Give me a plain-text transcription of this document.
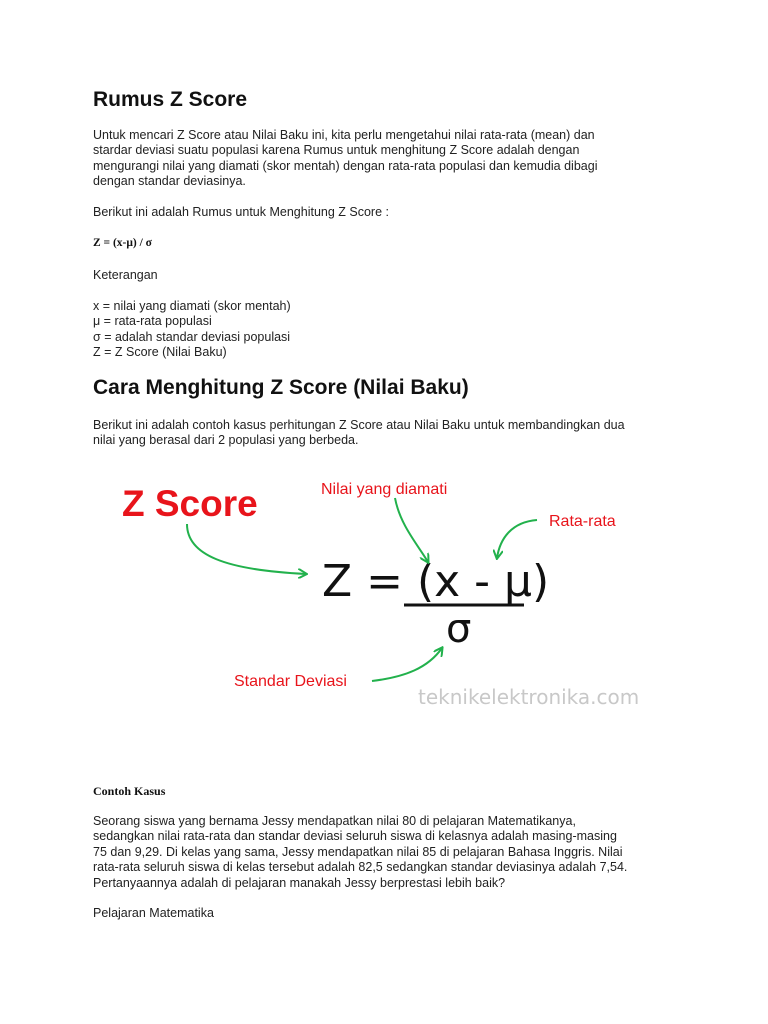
Rumus Z Score
Untuk mencari Z Score atau Nilai Baku ini, kita perlu mengetahui nilai rata-rata (mean) dan
stardar deviasi suatu populasi karena Rumus untuk menghitung Z Score adalah dengan
mengurangi nilai yang diamati (skor mentah) dengan rata-rata populasi dan kemudia dibagi
dengan standar deviasinya.
Berikut ini adalah Rumus untuk Menghitung Z Score :
Z = (x-μ) / σ
Keterangan
x = nilai yang diamati (skor mentah)
μ = rata-rata populasi
σ = adalah standar deviasi populasi
Z = Z Score (Nilai Baku)
Cara Menghitung Z Score (Nilai Baku)
Berikut ini adalah contoh kasus perhitungan Z Score atau Nilai Baku untuk membandingkan dua
nilai yang berasal dari 2 populasi yang berbeda.
Contoh Kasus
Seorang siswa yang bernama Jessy mendapatkan nilai 80 di pelajaran Matematikanya,
sedangkan nilai rata-rata dan standar deviasi seluruh siswa di kelasnya adalah masing-masing
75 dan 9,29. Di kelas yang sama, Jessy mendapatkan nilai 85 di pelajaran Bahasa Inggris. Nilai
rata-rata seluruh siswa di kelas tersebut adalah 82,5 sedangkan standar deviasinya adalah 7,54.
Pertanyaannya adalah di pelajaran manakah Jessy berprestasi lebih baik?
Pelajaran Matematika
Z Score	Nilai yang diamati
Rata-rata
Z = (x - μ)
σ
Standar Deviasi
teknikelektronika.com
